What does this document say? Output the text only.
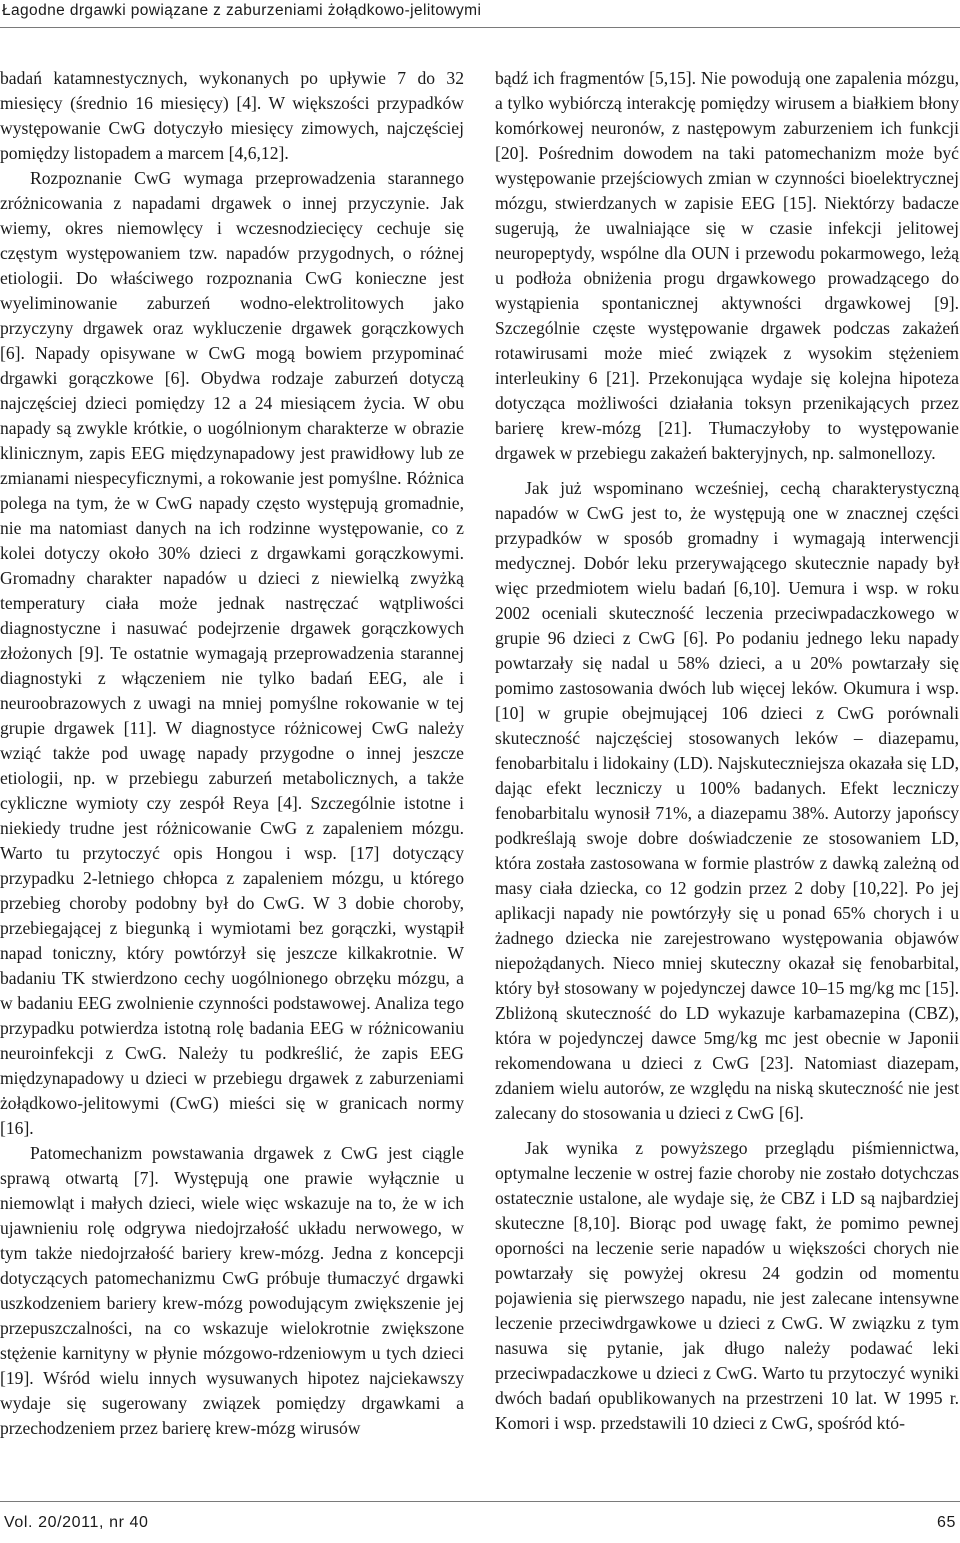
Łagodne drgawki powiązane z zaburzeniami żołądkowo-jelitowymi

badań katamnestycznych, wykonanych po upływie 7 do 32 miesięcy (średnio 16 miesięcy) [4]. W większości przypadków występowanie CwG dotyczyło miesięcy zimowych, najczęściej pomiędzy listopadem a marcem [4,6,12].

Rozpoznanie CwG wymaga przeprowadzenia starannego zróżnicowania z napadami drgawek o innej przyczynie. Jak wiemy, okres niemowlęcy i wczesnodziecięcy cechuje się częstym występowaniem tzw. napadów przygodnych, o różnej etiologii. Do właściwego rozpoznania CwG konieczne jest wyeliminowanie zaburzeń wodno-elektrolitowych jako przyczyny drgawek oraz wykluczenie drgawek gorączkowych [6]. Napady opisywane w CwG mogą bowiem przypominać drgawki gorączkowe [6]. Obydwa rodzaje zaburzeń dotyczą najczęściej dzieci pomiędzy 12 a 24 miesiącem życia. W obu napady są zwykle krótkie, o uogólnionym charakterze w obrazie klinicznym, zapis EEG międzynapadowy jest prawidłowy lub ze zmianami niespecyficznymi, a rokowanie jest pomyślne. Różnica polega na tym, że w CwG napady często występują gromadnie, nie ma natomiast danych na ich rodzinne występowanie, co z kolei dotyczy około 30% dzieci z drgawkami gorączkowymi. Gromadny charakter napadów u dzieci z niewielką zwyżką temperatury ciała może jednak nastręczać wątpliwości diagnostyczne i nasuwać podejrzenie drgawek gorączkowych złożonych [9]. Te ostatnie wymagają przeprowadzenia starannej diagnostyki z włączeniem nie tylko badań EEG, ale i neuroobrazowych z uwagi na mniej pomyślne rokowanie w tej grupie drgawek [11]. W diagnostyce różnicowej CwG należy wziąć także pod uwagę napady przygodne o innej jeszcze etiologii, np. w przebiegu zaburzeń metabolicznych, a także cykliczne wymioty czy zespół Reya [4]. Szczególnie istotne i niekiedy trudne jest różnicowanie CwG z zapaleniem mózgu. Warto tu przytoczyć opis Hongou i wsp. [17] dotyczący przypadku 2-letniego chłopca z zapaleniem mózgu, u którego przebieg choroby podobny był do CwG. W 3 dobie choroby, przebiegającej z biegunką i wymiotami bez gorączki, wystąpił napad toniczny, który powtórzył się jeszcze kilkakrotnie. W badaniu TK stwierdzono cechy uogólnionego obrzęku mózgu, a w badaniu EEG zwolnienie czynności podstawowej. Analiza tego przypadku potwierdza istotną rolę badania EEG w różnicowaniu neuroinfekcji z CwG. Należy tu podkreślić, że zapis EEG międzynapadowy u dzieci w przebiegu drgawek z zaburzeniami żołądkowo-jelitowymi (CwG) mieści się w granicach normy [16].

Patomechanizm powstawania drgawek z CwG jest ciągle sprawą otwartą [7]. Występują one prawie wyłącznie u niemowląt i małych dzieci, wiele więc wskazuje na to, że w ich ujawnieniu rolę odgrywa niedojrzałość układu nerwowego, w tym także niedojrzałość bariery krew-mózg. Jedna z koncepcji dotyczących patomechanizmu CwG próbuje tłumaczyć drgawki uszkodzeniem bariery krew-mózg powodującym zwiększenie jej przepuszczalności, na co wskazuje wielokrotnie zwiększone stężenie karnityny w płynie mózgowo-rdzeniowym u tych dzieci [19]. Wśród wielu innych wysuwanych hipotez najciekawszy wydaje się sugerowany związek pomiędzy drgawkami a przechodzeniem przez barierę krew-mózg wirusów

bądź ich fragmentów [5,15]. Nie powodują one zapalenia mózgu, a tylko wybiórczą interakcję pomiędzy wirusem a białkiem błony komórkowej neuronów, z następowym zaburzeniem ich funkcji [20]. Pośrednim dowodem na taki patomechanizm może być występowanie przejściowych zmian w czynności bioelektrycznej mózgu, stwierdzanych w zapisie EEG [15]. Niektórzy badacze sugerują, że uwalniające się w czasie infekcji jelitowej neuropeptydy, wspólne dla OUN i przewodu pokarmowego, leżą u podłoża obniżenia progu drgawkowego prowadzącego do wystąpienia spontanicznej aktywności drgawkowej [9]. Szczególnie częste występowanie drgawek podczas zakażeń rotawirusami może mieć związek z wysokim stężeniem interleukiny 6 [21]. Przekonująca wydaje się kolejna hipoteza dotycząca możliwości działania toksyn przenikających przez barierę krew-mózg [21]. Tłumaczyłoby to występowanie drgawek w przebiegu zakażeń bakteryjnych, np. salmonellozy.

Jak już wspominano wcześniej, cechą charakterystyczną napadów w CwG jest to, że występują one w znacznej części przypadków w sposób gromadny i wymagają interwencji medycznej. Dobór leku przerywającego skutecznie napady był więc przedmiotem wielu badań [6,10]. Uemura i wsp. w roku 2002 oceniali skuteczność leczenia przeciwpadaczkowego w grupie 96 dzieci z CwG [6]. Po podaniu jednego leku napady powtarzały się nadal u 58% dzieci, a u 20% powtarzały się pomimo zastosowania dwóch lub więcej leków. Okumura i wsp. [10] w grupie obejmującej 106 dzieci z CwG porównali skuteczność najczęściej stosowanych leków – diazepamu, fenobarbitalu i lidokainy (LD). Najskuteczniejsza okazała się LD, dając efekt leczniczy u 100% badanych. Efekt leczniczy fenobarbitalu wynosił 71%, a diazepamu 38%. Autorzy japońscy podkreślają swoje dobre doświadczenie ze stosowaniem LD, która została zastosowana w formie plastrów z dawką zależną od masy ciała dziecka, co 12 godzin przez 2 doby [10,22]. Po jej aplikacji napady nie powtórzyły się u ponad 65% chorych i u żadnego dziecka nie zarejestrowano występowania objawów niepożądanych. Nieco mniej skuteczny okazał się fenobarbital, który był stosowany w pojedynczej dawce 10–15 mg/kg mc [15]. Zbliżoną skuteczność do LD wykazuje karbamazepina (CBZ), która w pojedynczej dawce 5mg/kg mc jest obecnie w Japonii rekomendowana u dzieci z CwG [23]. Natomiast diazepam, zdaniem wielu autorów, ze względu na niską skuteczność nie jest zalecany do stosowania u dzieci z CwG [6].

Jak wynika z powyższego przeglądu piśmiennictwa, optymalne leczenie w ostrej fazie choroby nie zostało dotychczas ostatecznie ustalone, ale wydaje się, że CBZ i LD są najbardziej skuteczne [8,10]. Biorąc pod uwagę fakt, że pomimo pewnej oporności na leczenie serie napadów u większości chorych nie powtarzały się powyżej okresu 24 godzin od momentu pojawienia się pierwszego napadu, nie jest zalecane intensywne leczenie przeciwdrgawkowe u dzieci z CwG. W związku z tym nasuwa się pytanie, jak długo należy podawać leki przeciwpadaczkowe u dzieci z CwG. Warto tu przytoczyć wyniki dwóch badań opublikowanych na przestrzeni 10 lat. W 1995 r. Komori i wsp. przedstawili 10 dzieci z CwG, spośród któ-

Vol. 20/2011, nr 40	65
